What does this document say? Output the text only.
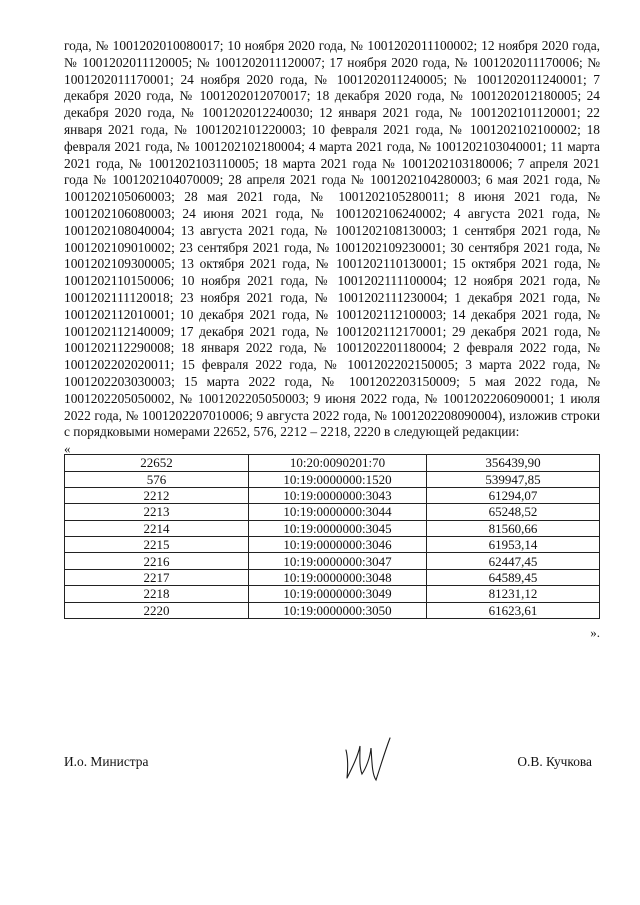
года, № 1001202010080017; 10 ноября 2020 года, № 1001202011100002; 12 ноября 2020 года, № 1001202011120005; № 1001202011120007; 17 ноября 2020 года, № 1001202011170006; № 1001202011170001; 24 ноября 2020 года, № 1001202011240005; № 1001202011240001; 7 декабря 2020 года, № 1001202012070017; 18 декабря 2020 года, № 1001202012180005; 24 декабря 2020 года, № 1001202012240030; 12 января 2021 года, № 1001202101120001; 22 января 2021 года, № 1001202101220003; 10 февраля 2021 года, № 1001202102100002; 18 февраля 2021 года, № 1001202102180004; 4 марта 2021 года, № 1001202103040001; 11 марта 2021 года, № 1001202103110005; 18 марта 2021 года № 1001202103180006; 7 апреля 2021 года № 1001202104070009; 28 апреля 2021 года № 1001202104280003; 6 мая 2021 года, № 1001202105060003; 28 мая 2021 года, № 1001202105280011; 8 июня 2021 года, № 1001202106080003; 24 июня 2021 года, № 1001202106240002; 4 августа 2021 года, № 1001202108040004; 13 августа 2021 года, № 1001202108130003; 1 сентября 2021 года, № 1001202109010002; 23 сентября 2021 года, № 1001202109230001; 30 сентября 2021 года, № 1001202109300005; 13 октября 2021 года, № 1001202110130001; 15 октября 2021 года, № 1001202110150006; 10 ноября 2021 года, № 1001202111100004; 12 ноября 2021 года, № 1001202111120018; 23 ноября 2021 года, № 1001202111230004; 1 декабря 2021 года, № 1001202112010001; 10 декабря 2021 года, № 1001202112100003; 14 декабря 2021 года, № 1001202112140009; 17 декабря 2021 года, № 1001202112170001; 29 декабря 2021 года, № 1001202112290008; 18 января 2022 года, № 1001202201180004; 2 февраля 2022 года, № 1001202202020011; 15 февраля 2022 года, № 1001202202150005; 3 марта 2022 года, № 1001202203030003; 15 марта 2022 года, № 1001202203150009; 5 мая 2022 года, № 1001202205050002, № 1001202205050003; 9 июня 2022 года, № 1001202206090001; 1 июля 2022 года, № 1001202207010006; 9 августа 2022 года, № 1001202208090004), изложив строки с порядковыми номерами 22652, 576, 2212 – 2218, 2220 в следующей редакции:

«
22652	10:20:0090201:70	356439,90
576	10:19:0000000:1520	539947,85
2212	10:19:0000000:3043	61294,07
2213	10:19:0000000:3044	65248,52
2214	10:19:0000000:3045	81560,66
2215	10:19:0000000:3046	61953,14
2216	10:19:0000000:3047	62447,45
2217	10:19:0000000:3048	64589,45
2218	10:19:0000000:3049	81231,12
2220	10:19:0000000:3050	61623,61
».
И.о. Министра	О.В. Кучкова
